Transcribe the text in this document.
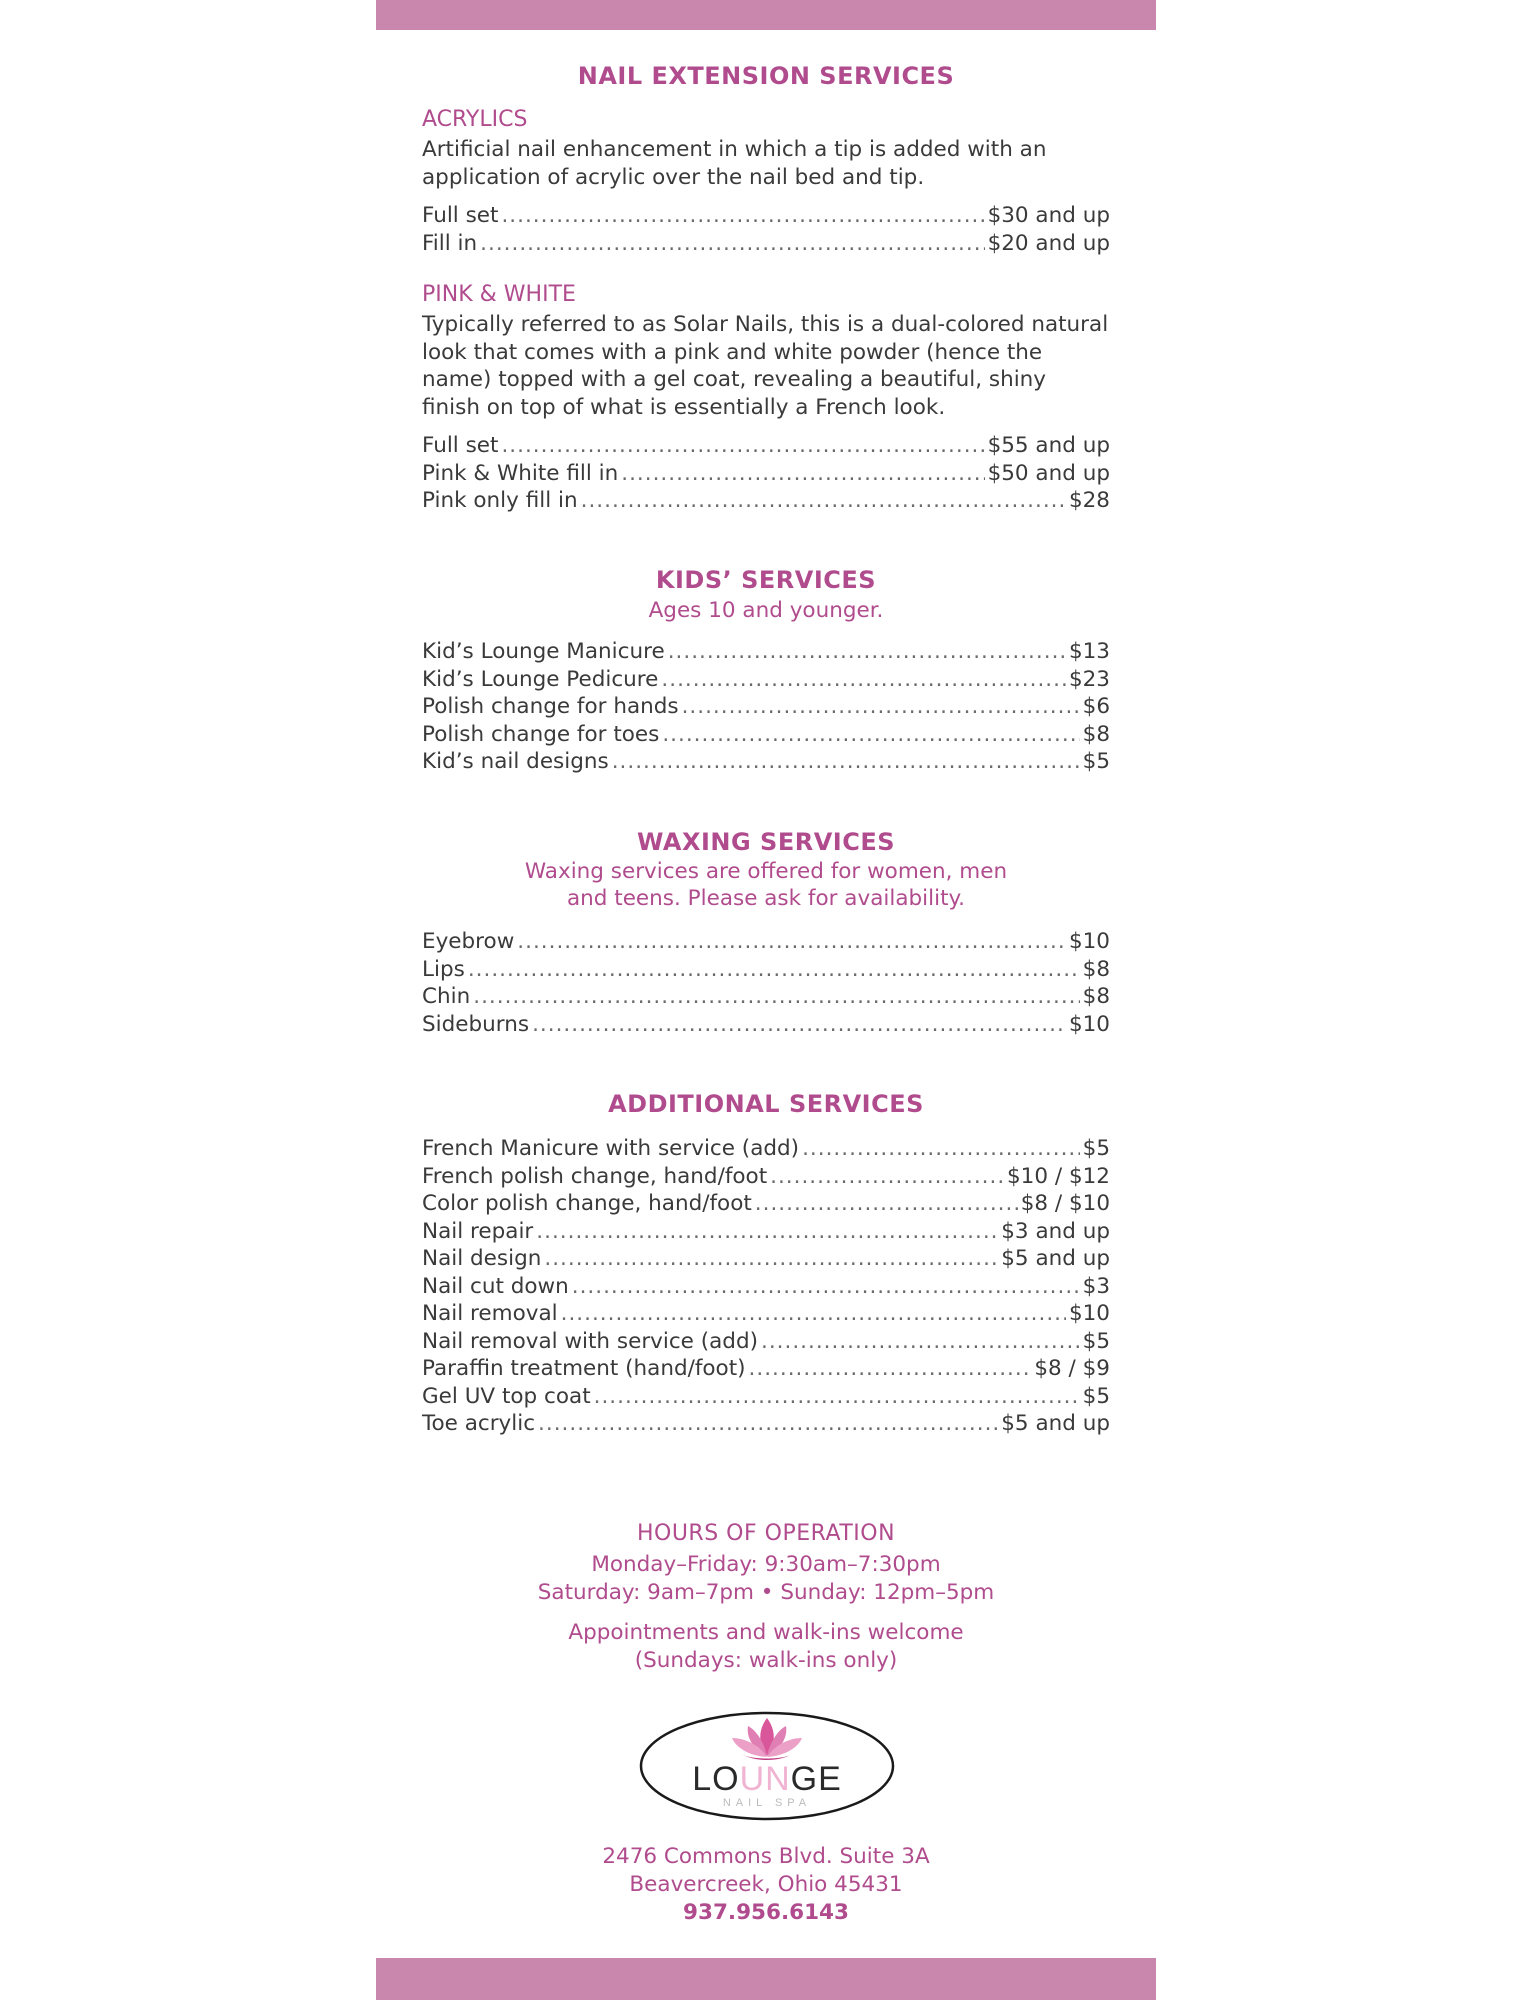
NAIL EXTENSION SERVICES
ACRYLICS
Artificial nail enhancement in which a tip is added with an application of acrylic over the nail bed and tip.
Full set .....	$30 and up
Fill in .....	$20 and up
PINK & WHITE
Typically referred to as Solar Nails, this is a dual-colored natural look that comes with a pink and white powder (hence the name) topped with a gel coat, revealing a beautiful, shiny finish on top of what is essentially a French look.
Full set .....	$55 and up
Pink & White fill in .....	$50 and up
Pink only fill in .....	$28
KIDS’ SERVICES
Ages 10 and younger.
Kid’s Lounge Manicure .....	$13
Kid’s Lounge Pedicure .....	$23
Polish change for hands .....	$6
Polish change for toes .....	$8
Kid’s nail designs .....	$5
WAXING SERVICES
Waxing services are offered for women, men
and teens. Please ask for availability.
Eyebrow .....	$10
Lips .....	$8
Chin .....	$8
Sideburns .....	$10
ADDITIONAL SERVICES
French Manicure with service (add) .....	$5
French polish change, hand/foot .....	$10 / $12
Color polish change, hand/foot .....	$8 / $10
Nail repair .....	$3 and up
Nail design .....	$5 and up
Nail cut down .....	$3
Nail removal .....	$10
Nail removal with service (add) .....	$5
Paraffin treatment (hand/foot) .....	$8 / $9
Gel UV top coat .....	$5
Toe acrylic .....	$5 and up
HOURS OF OPERATION
Monday–Friday: 9:30am–7:30pm
Saturday: 9am–7pm • Sunday: 12pm–5pm
Appointments and walk-ins welcome
(Sundays: walk-ins only)
LOUNGE
NAIL SPA
2476 Commons Blvd. Suite 3A
Beavercreek, Ohio 45431
937.956.6143
